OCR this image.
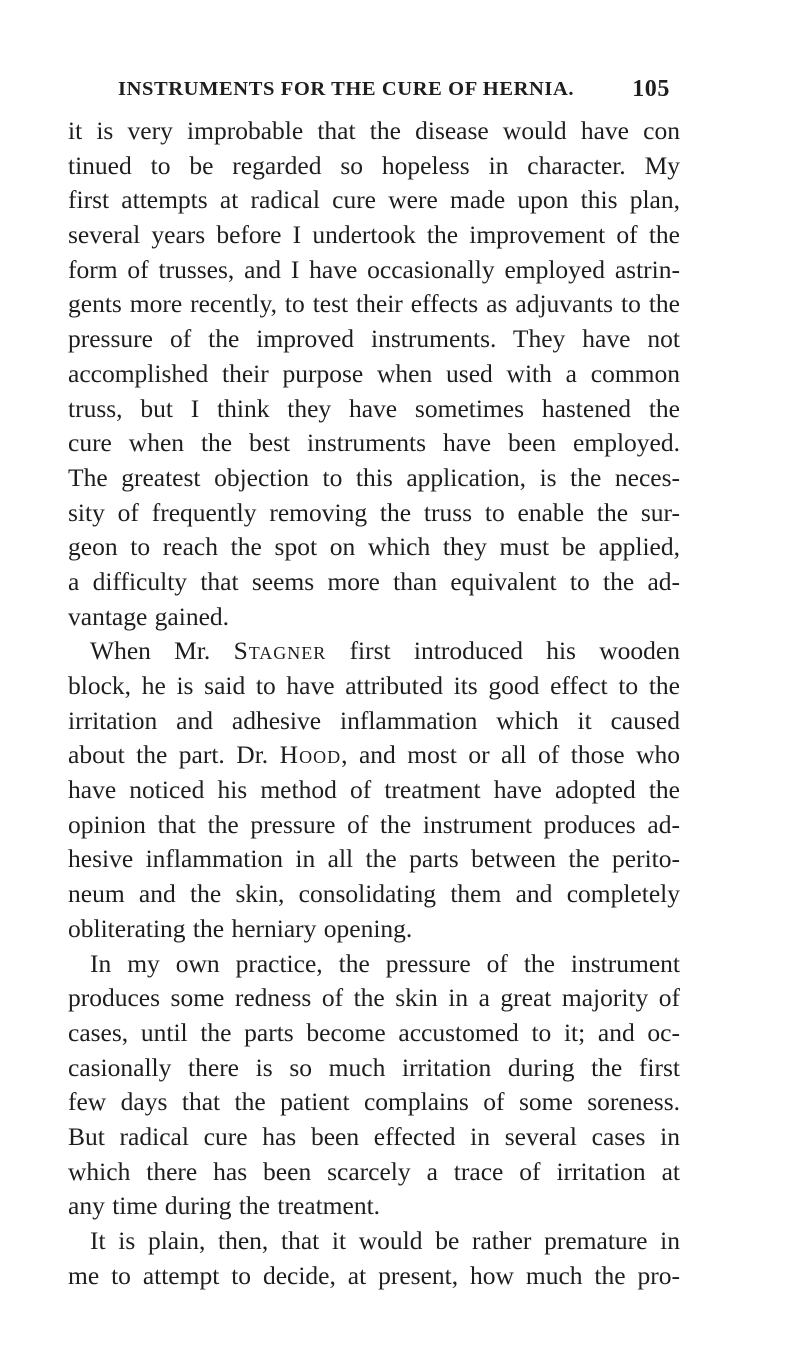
INSTRUMENTS FOR THE CURE OF HERNIA. 105
it is very improbable that the disease would have con
tinued to be regarded so hopeless in character. My
first attempts at radical cure were made upon this plan,
several years before I undertook the improvement of the
form of trusses, and I have occasionally employed astrin-
gents more recently, to test their effects as adjuvants to the
pressure of the improved instruments. They have not
accomplished their purpose when used with a common
truss, but I think they have sometimes hastened the
cure when the best instruments have been employed.
The greatest objection to this application, is the neces-
sity of frequently removing the truss to enable the sur-
geon to reach the spot on which they must be applied,
a difficulty that seems more than equivalent to the ad-
vantage gained.
When Mr. Stagner first introduced his wooden
block, he is said to have attributed its good effect to the
irritation and adhesive inflammation which it caused
about the part. Dr. Hood, and most or all of those who
have noticed his method of treatment have adopted the
opinion that the pressure of the instrument produces ad-
hesive inflammation in all the parts between the perito-
neum and the skin, consolidating them and completely
obliterating the herniary opening.
In my own practice, the pressure of the instrument
produces some redness of the skin in a great majority of
cases, until the parts become accustomed to it; and oc-
casionally there is so much irritation during the first
few days that the patient complains of some soreness.
But radical cure has been effected in several cases in
which there has been scarcely a trace of irritation at
any time during the treatment.
It is plain, then, that it would be rather premature in
me to attempt to decide, at present, how much the pro-
